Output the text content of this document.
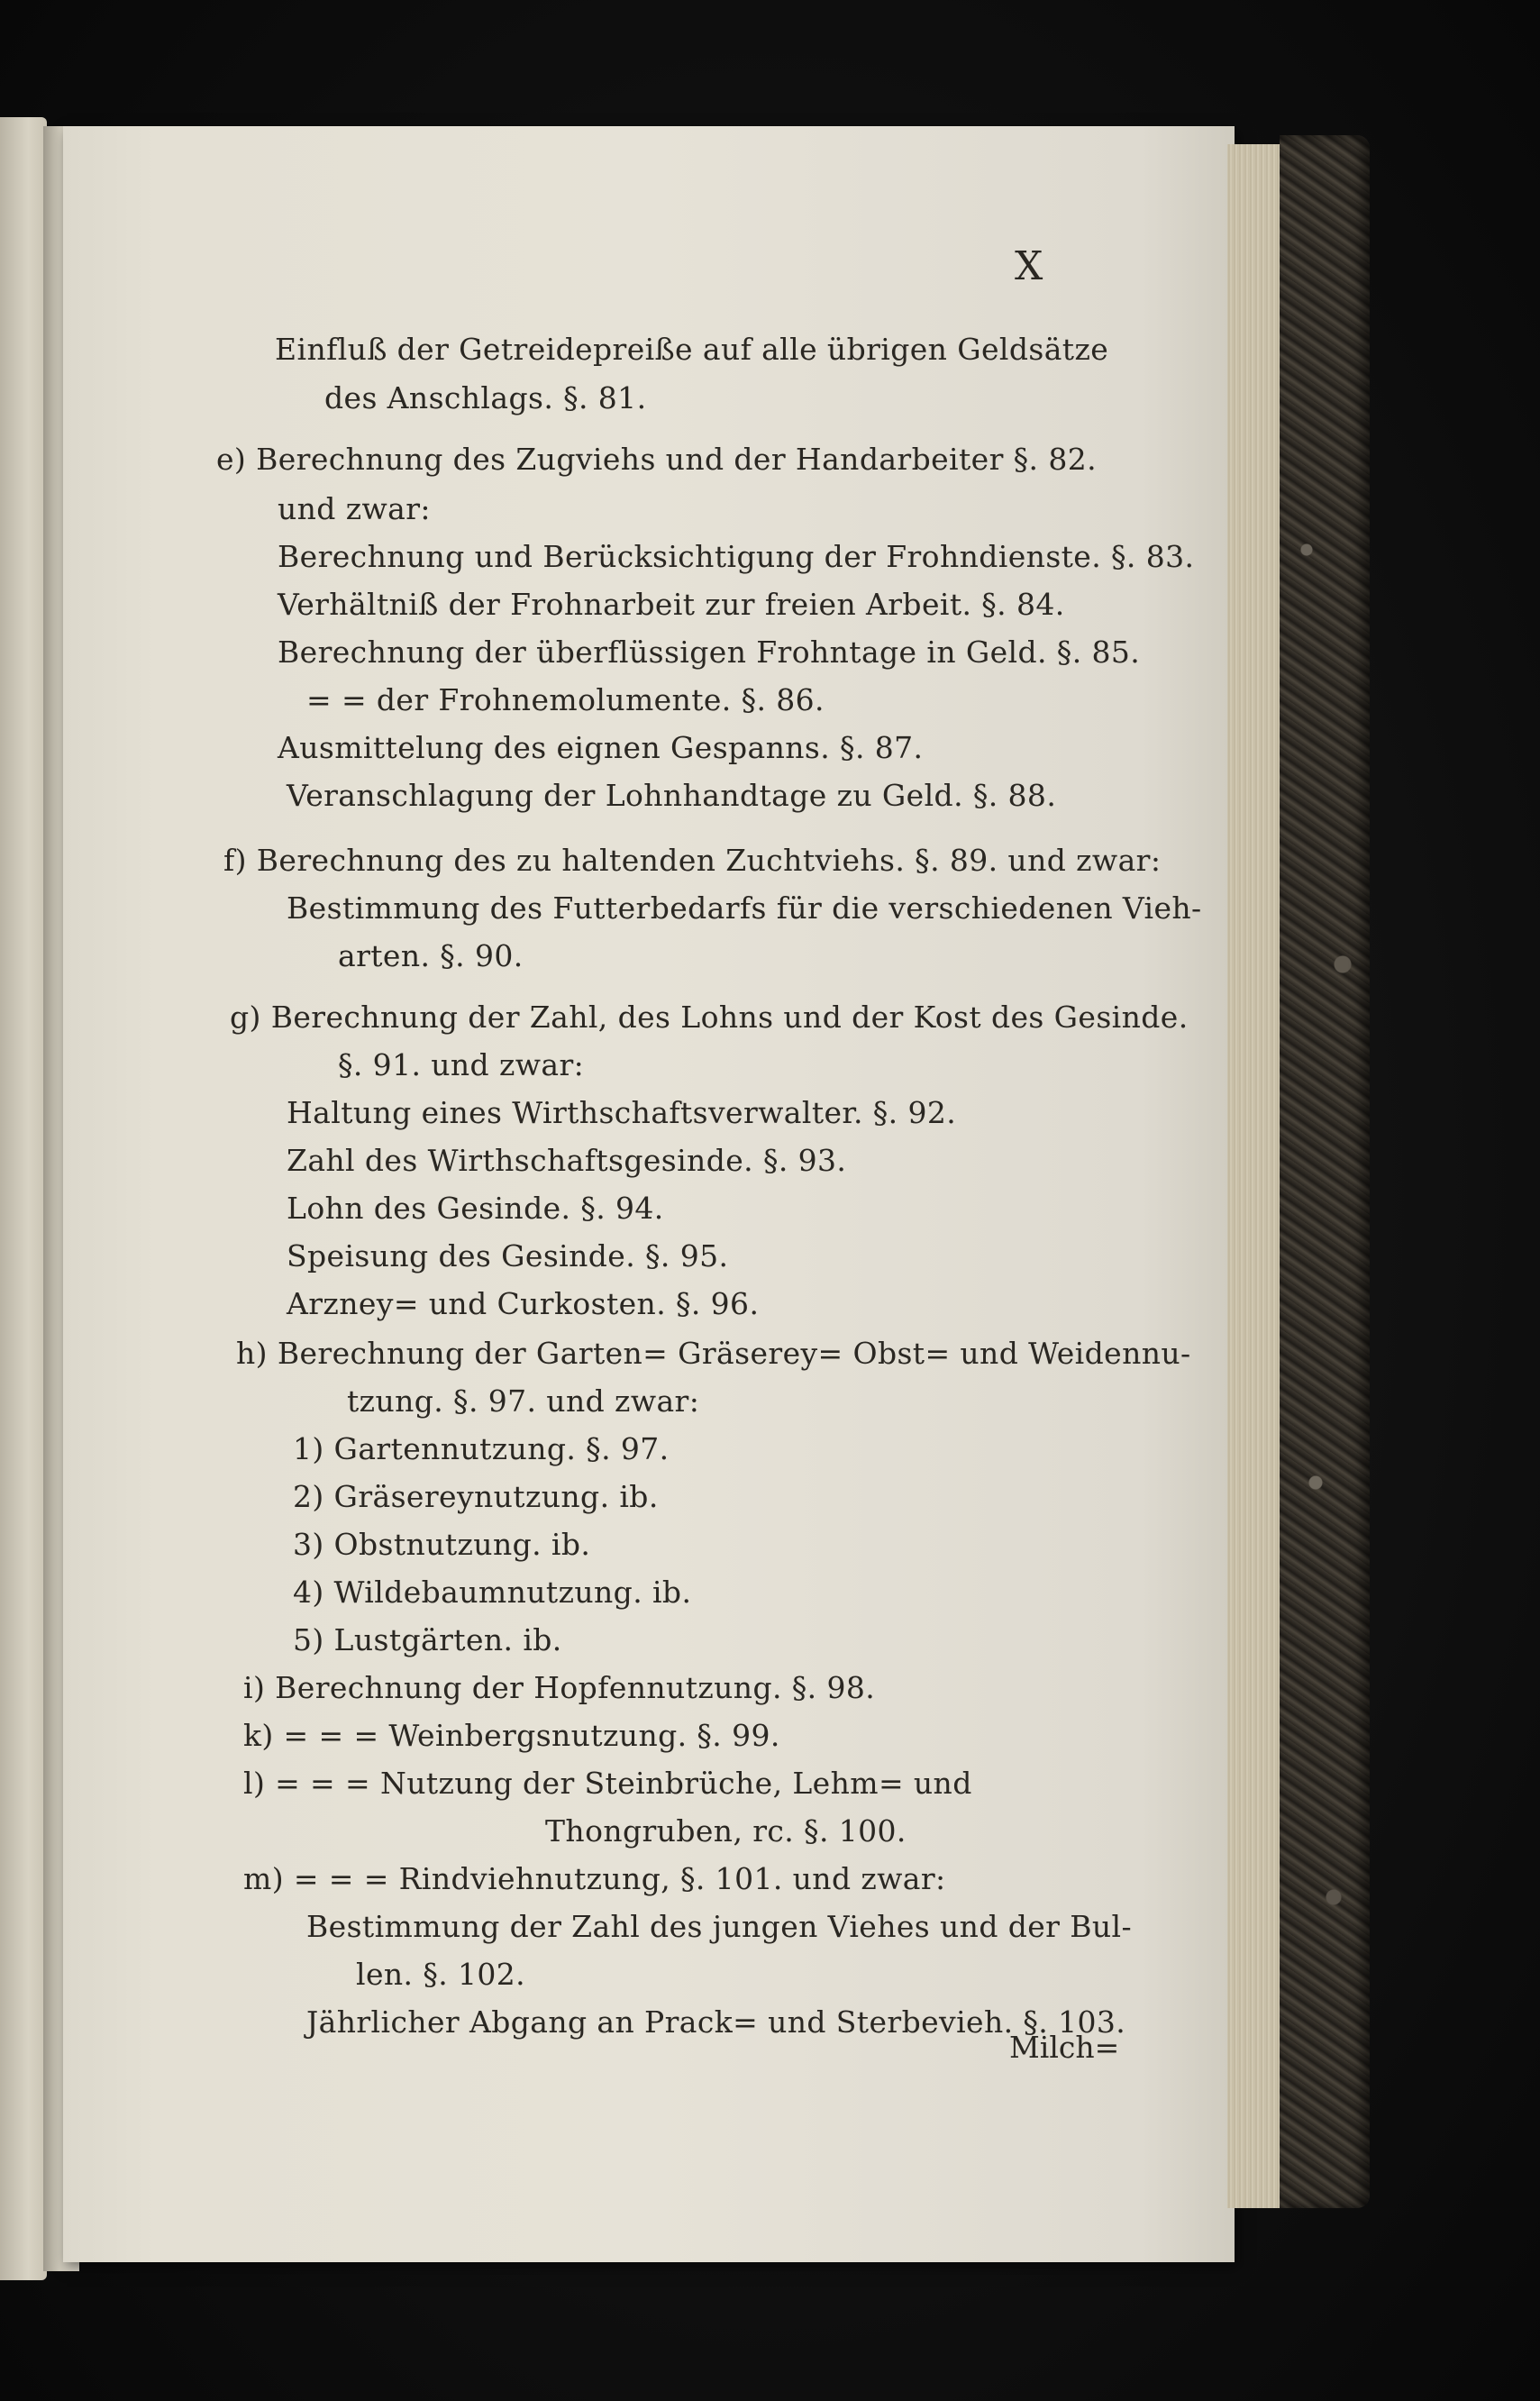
X
Einfluß der Getreidepreiße auf alle übrigen Geldsätze
des Anschlags. §. 81.
e) Berechnung des Zugviehs und der Handarbeiter §. 82.
und zwar:
Berechnung und Berücksichtigung der Frohndienste. §. 83.
Verhältniß der Frohnarbeit zur freien Arbeit. §. 84.
Berechnung der überflüssigen Frohntage in Geld. §. 85.
= = der Frohnemolumente. §. 86.
Ausmittelung des eignen Gespanns. §. 87.
Veranschlagung der Lohnhandtage zu Geld. §. 88.
f) Berechnung des zu haltenden Zuchtviehs. §. 89. und zwar:
Bestimmung des Futterbedarfs für die verschiedenen Vieh-
arten. §. 90.
g) Berechnung der Zahl, des Lohns und der Kost des Gesinde.
§. 91. und zwar:
Haltung eines Wirthschaftsverwalter. §. 92.
Zahl des Wirthschaftsgesinde. §. 93.
Lohn des Gesinde. §. 94.
Speisung des Gesinde. §. 95.
Arzney= und Curkosten. §. 96.
h) Berechnung der Garten= Gräserey= Obst= und Weidennu-
tzung. §. 97. und zwar:
1) Gartennutzung. §. 97.
2) Gräsereynutzung. ib.
3) Obstnutzung. ib.
4) Wildebaumnutzung. ib.
5) Lustgärten. ib.
i) Berechnung der Hopfennutzung. §. 98.
k) = = = Weinbergsnutzung. §. 99.
l) = = = Nutzung der Steinbrüche, Lehm= und
Thongruben, rc. §. 100.
m) = = = Rindviehnutzung, §. 101. und zwar:
Bestimmung der Zahl des jungen Viehes und der Bul-
len. §. 102.
Jährlicher Abgang an Prack= und Sterbevieh. §. 103.
Milch=
